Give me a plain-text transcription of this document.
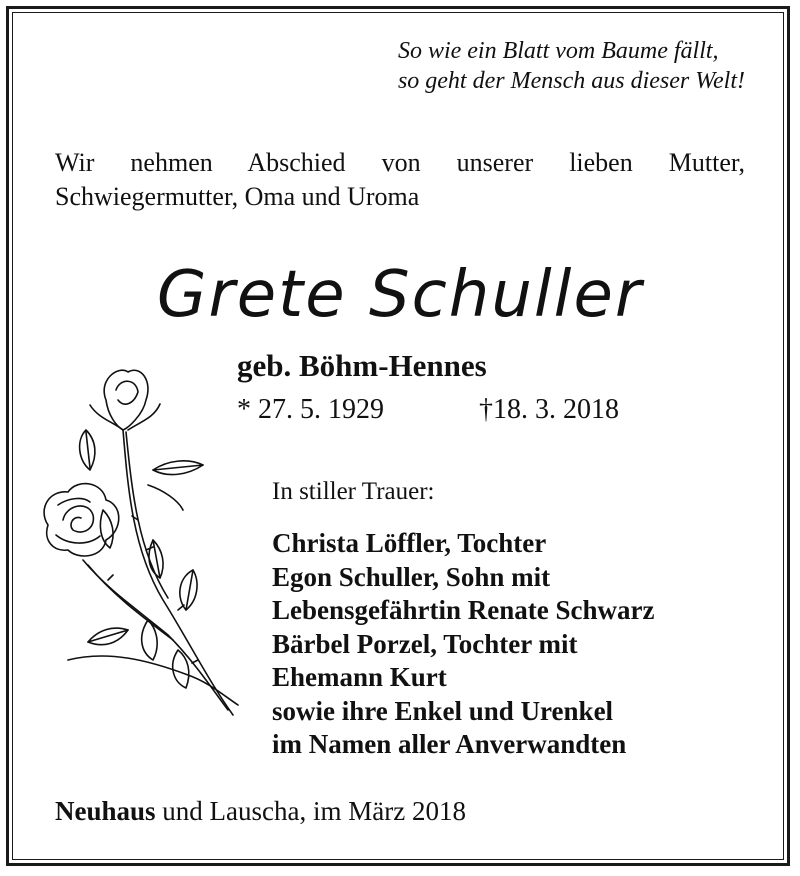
So wie ein Blatt vom Baume fällt,
so geht der Mensch aus dieser Welt!
Wir nehmen Abschied von unserer lieben Mutter,
Schwiegermutter, Oma und Uroma
Grete Schuller
geb. Böhm-Hennes
* 27. 5. 1929	†18. 3. 2018
In stiller Trauer:
Christa Löffler, Tochter
Egon Schuller, Sohn mit
Lebensgefährtin Renate Schwarz
Bärbel Porzel, Tochter mit
Ehemann Kurt
sowie ihre Enkel und Urenkel
im Namen aller Anverwandten
Neuhaus und Lauscha, im März 2018
